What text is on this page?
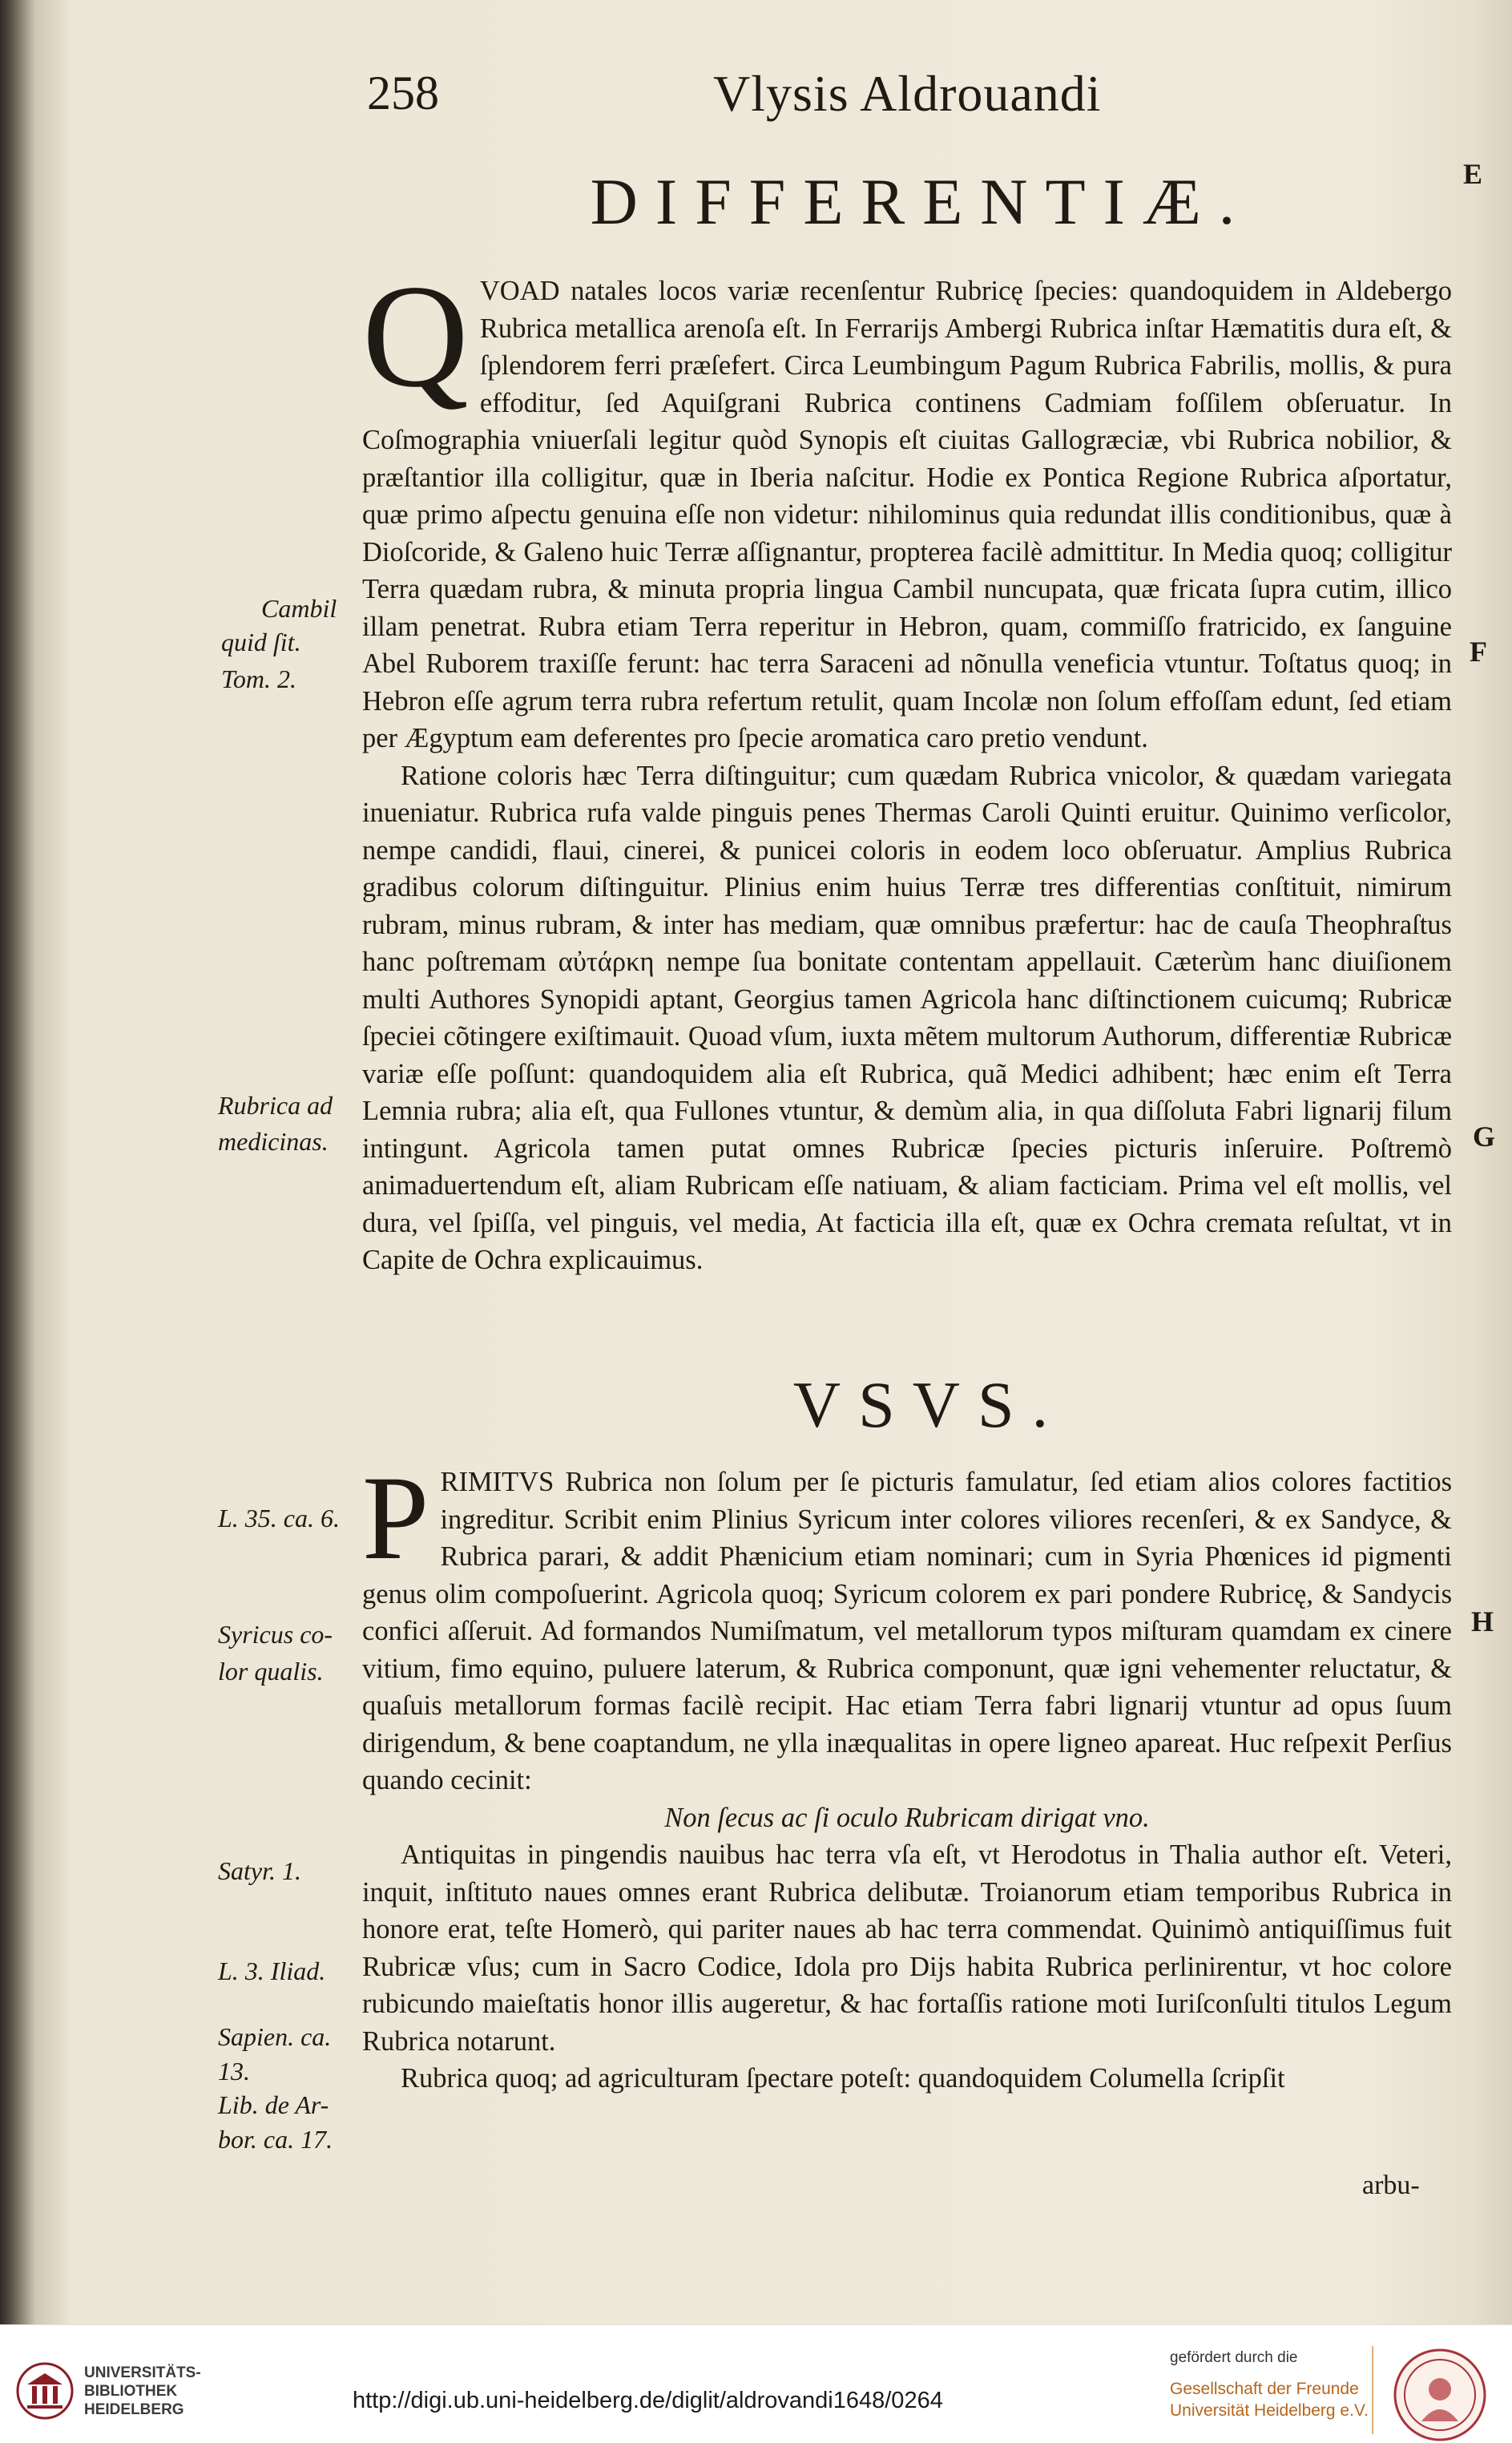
258	Vlysis Aldrouandi
E
F
G
H
DIFFERENTIÆ.

Q VOAD natales locos variæ recenſentur Rubricę ſpecies: quandoquidem in Aldebergo Rubrica metallica arenoſa eſt. In Ferrarijs Ambergi Rubrica inſtar Hæmatitis dura eſt, & ſplendorem ferri præſefert. Circa Leumbingum Pagum Rubrica Fabrilis, mollis, & pura effoditur, ſed Aquiſgrani Rubrica continens Cadmiam foſſilem obſeruatur. In Coſmographia vniuerſali legitur quòd Synopis eſt ciuitas Gallogræciæ, vbi Rubrica nobilior, & præſtantior illa colligitur, quæ in Iberia naſcitur. Hodie ex Pontica Regione Rubrica aſportatur, quæ primo aſpectu genuina eſſe non videtur: nihilominus quia redundat illis conditionibus, quæ à Dioſcoride, & Galeno huic Terræ aſſignantur, propterea facilè admittitur. In Media quoq; colligitur Terra quædam rubra, & minuta propria lingua Cambil nuncupata, quæ fricata ſupra cutim, illico illam penetrat. Rubra etiam Terra reperitur in Hebron, quam, commiſſo fratricido, ex ſanguine Abel Ruborem traxiſſe ferunt: hac terra Saraceni ad nõnulla veneficia vtuntur. Toſtatus quoq; in Hebron eſſe agrum terra rubra refertum retulit, quam Incolæ non ſolum effoſſam edunt, ſed etiam per Ægyptum eam deferentes pro ſpecie aromatica caro pretio vendunt.

Ratione coloris hæc Terra diſtinguitur; cum quædam Rubrica vnicolor, & quædam variegata inueniatur. Rubrica rufa valde pinguis penes Thermas Caroli Quinti eruitur. Quinimo verſicolor, nempe candidi, flaui, cinerei, & punicei coloris in eodem loco obſeruatur. Amplius Rubrica gradibus colorum diſtinguitur. Plinius enim huius Terræ tres differentias conſtituit, nimirum rubram, minus rubram, & inter has mediam, quæ omnibus præfertur: hac de cauſa Theophraſtus hanc poſtremam αὐτάρκη nempe ſua bonitate contentam appellauit. Cæterùm hanc diuiſionem multi Authores Synopidi aptant, Georgius tamen Agricola hanc diſtinctionem cuicumq; Rubricæ ſpeciei cõtingere exiſtimauit. Quoad vſum, iuxta mẽtem multorum Authorum, differentiæ Rubricæ variæ eſſe poſſunt: quandoquidem alia eſt Rubrica, quã Medici adhibent; hæc enim eſt Terra Lemnia rubra; alia eſt, qua Fullones vtuntur, & demùm alia, in qua diſſoluta Fabri lignarij filum intingunt. Agricola tamen putat omnes Rubricæ ſpecies picturis inſeruire. Poſtremò animaduertendum eſt, aliam Rubricam eſſe natiuam, & aliam facticiam. Prima vel eſt mollis, vel dura, vel ſpiſſa, vel pinguis, vel media, At facticia illa eſt, quæ ex Ochra cremata reſultat, vt in Capite de Ochra explicauimus.

VSVS.

P RIMITVS Rubrica non ſolum per ſe picturis famulatur, ſed etiam alios colores factitios ingreditur. Scribit enim Plinius Syricum inter colores viliores recenſeri, & ex Sandyce, & Rubrica parari, & addit Phænicium etiam nominari; cum in Syria Phœnices id pigmenti genus olim compoſuerint. Agricola quoq; Syricum colorem ex pari pondere Rubricę, & Sandycis confici aſſeruit. Ad formandos Numiſmatum, vel metallorum typos miſturam quamdam ex cinere vitium, fimo equino, puluere laterum, & Rubrica componunt, quæ igni vehementer reluctatur, & quaſuis metallorum formas facilè recipit. Hac etiam Terra fabri lignarij vtuntur ad opus ſuum dirigendum, & bene coaptandum, ne ylla inæqualitas in opere ligneo apareat. Huc reſpexit Perſius quando cecinit:

Non ſecus ac ſi oculo Rubricam dirigat vno.

Antiquitas in pingendis nauibus hac terra vſa eſt, vt Herodotus in Thalia author eſt. Veteri, inquit, inſtituto naues omnes erant Rubrica delibutæ. Troianorum etiam temporibus Rubrica in honore erat, teſte Homerò, qui pariter naues ab hac terra commendat. Quinimò antiquiſſimus fuit Rubricæ vſus; cum in Sacro Codice, Idola pro Dijs habita Rubrica perlinirentur, vt hoc colore rubicundo maieſtatis honor illis augeretur, & hac fortaſſis ratione moti Iuriſconſulti titulos Legum Rubrica notarunt.

Rubrica quoq; ad agriculturam ſpectare poteſt: quandoquidem Columella ſcripſit

arbu-
Cambil
quid ſit.
Tom. 2.
Rubrica ad
medicinas.
L. 35. ca. 6.
Syricus co-
lor qualis.
Satyr. 1.
L. 3. Iliad.
Sapien. ca.
13.
Lib. de Ar-
bor. ca. 17.
UNIVERSITÄTS-
BIBLIOTHEK
HEIDELBERG	http://digi.ub.uni-heidelberg.de/diglit/aldrovandi1648/0264
gefördert durch die
Gesellschaft der Freunde
Universität Heidelberg e.V.
